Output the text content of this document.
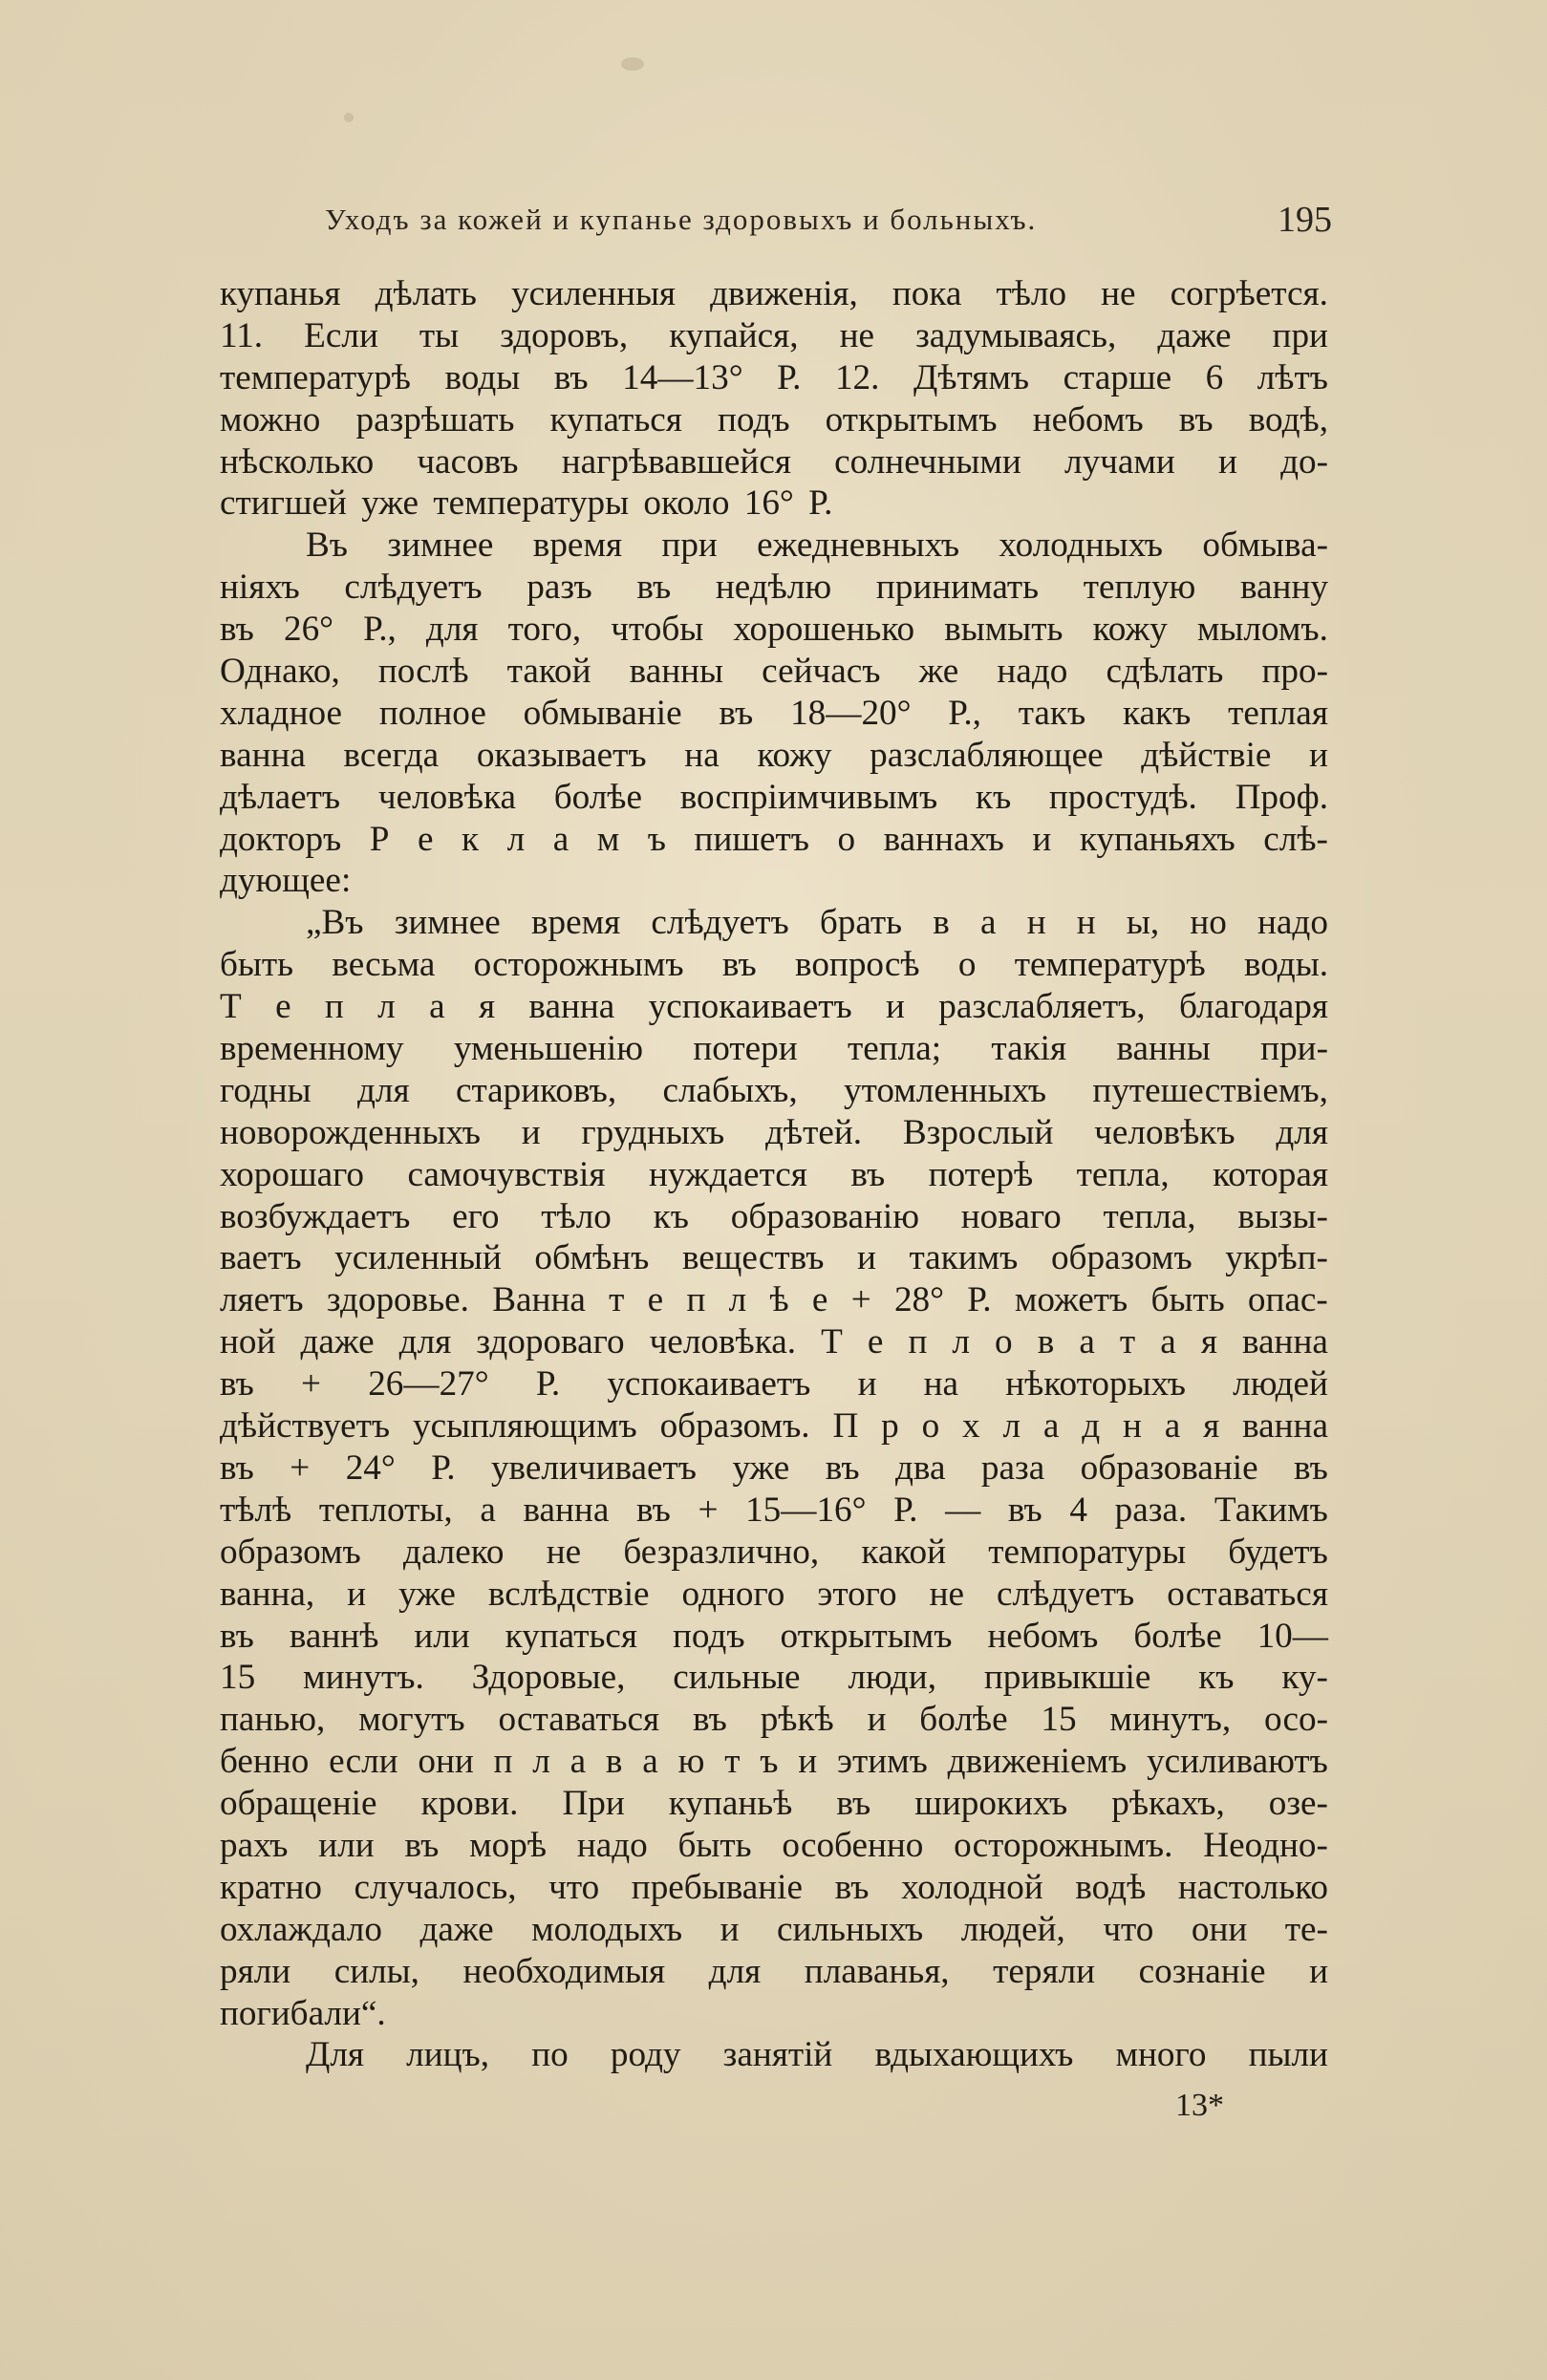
Уходъ за кожей и купанье здоровыхъ и больныхъ.	195
купанья дѣлать усиленныя движенія, пока тѣло не согрѣется.
11. Если ты здоровъ, купайся, не задумываясь, даже при
температурѣ воды въ 14—13° Р. 12. Дѣтямъ старше 6 лѣтъ
можно разрѣшать купаться подъ открытымъ небомъ въ водѣ,
нѣсколько часовъ нагрѣвавшейся солнечными лучами и до-
стигшей уже температуры около 16° Р.
Въ зимнее время при ежедневныхъ холодныхъ обмыва-
ніяхъ слѣдуетъ разъ въ недѣлю принимать теплую ванну
въ 26° Р., для того, чтобы хорошенько вымыть кожу мыломъ.
Однако, послѣ такой ванны сейчасъ же надо сдѣлать про-
хладное полное обмываніе въ 18—20° Р., такъ какъ теплая
ванна всегда оказываетъ на кожу разслабляющее дѣйствіе и
дѣлаетъ человѣка болѣе воспріимчивымъ къ простудѣ. Проф.
докторъ Р е к л а м ъ пишетъ о ваннахъ и купаньяхъ слѣ-
дующее:
„Въ зимнее время слѣдуетъ брать в а н н ы, но надо
быть весьма осторожнымъ въ вопросѣ о температурѣ воды.
Т е п л а я ванна успокаиваетъ и разслабляетъ, благодаря
временному уменьшенію потери тепла; такія ванны при-
годны для стариковъ, слабыхъ, утомленныхъ путешествіемъ,
новорожденныхъ и грудныхъ дѣтей. Взрослый человѣкъ для
хорошаго самочувствія нуждается въ потерѣ тепла, которая
возбуждаетъ его тѣло къ образованію новаго тепла, вызы-
ваетъ усиленный обмѣнъ веществъ и такимъ образомъ укрѣп-
ляетъ здоровье. Ванна т е п л ѣ е + 28° Р. можетъ быть опас-
ной даже для здороваго человѣка. Т е п л о в а т а я ванна
въ + 26—27° Р. успокаиваетъ и на нѣкоторыхъ людей
дѣйствуетъ усыпляющимъ образомъ. П р о х л а д н а я ванна
въ + 24° Р. увеличиваетъ уже въ два раза образованіе въ
тѣлѣ теплоты, а ванна въ + 15—16° Р. — въ 4 раза. Такимъ
образомъ далеко не безразлично, какой темпоратуры будетъ
ванна, и уже вслѣдствіе одного этого не слѣдуетъ оставаться
въ ваннѣ или купаться подъ открытымъ небомъ болѣе 10—
15 минутъ. Здоровые, сильные люди, привыкшіе къ ку-
панью, могутъ оставаться въ рѣкѣ и болѣе 15 минутъ, осо-
бенно если они п л а в а ю т ъ и этимъ движеніемъ усиливаютъ
обращеніе крови. При купаньѣ въ широкихъ рѣкахъ, озе-
рахъ или въ морѣ надо быть особенно осторожнымъ. Неодно-
кратно случалось, что пребываніе въ холодной водѣ настолько
охлаждало даже молодыхъ и сильныхъ людей, что они те-
ряли силы, необходимыя для плаванья, теряли сознаніе и
погибали“.
Для лицъ, по роду занятій вдыхающихъ много пыли
13*
